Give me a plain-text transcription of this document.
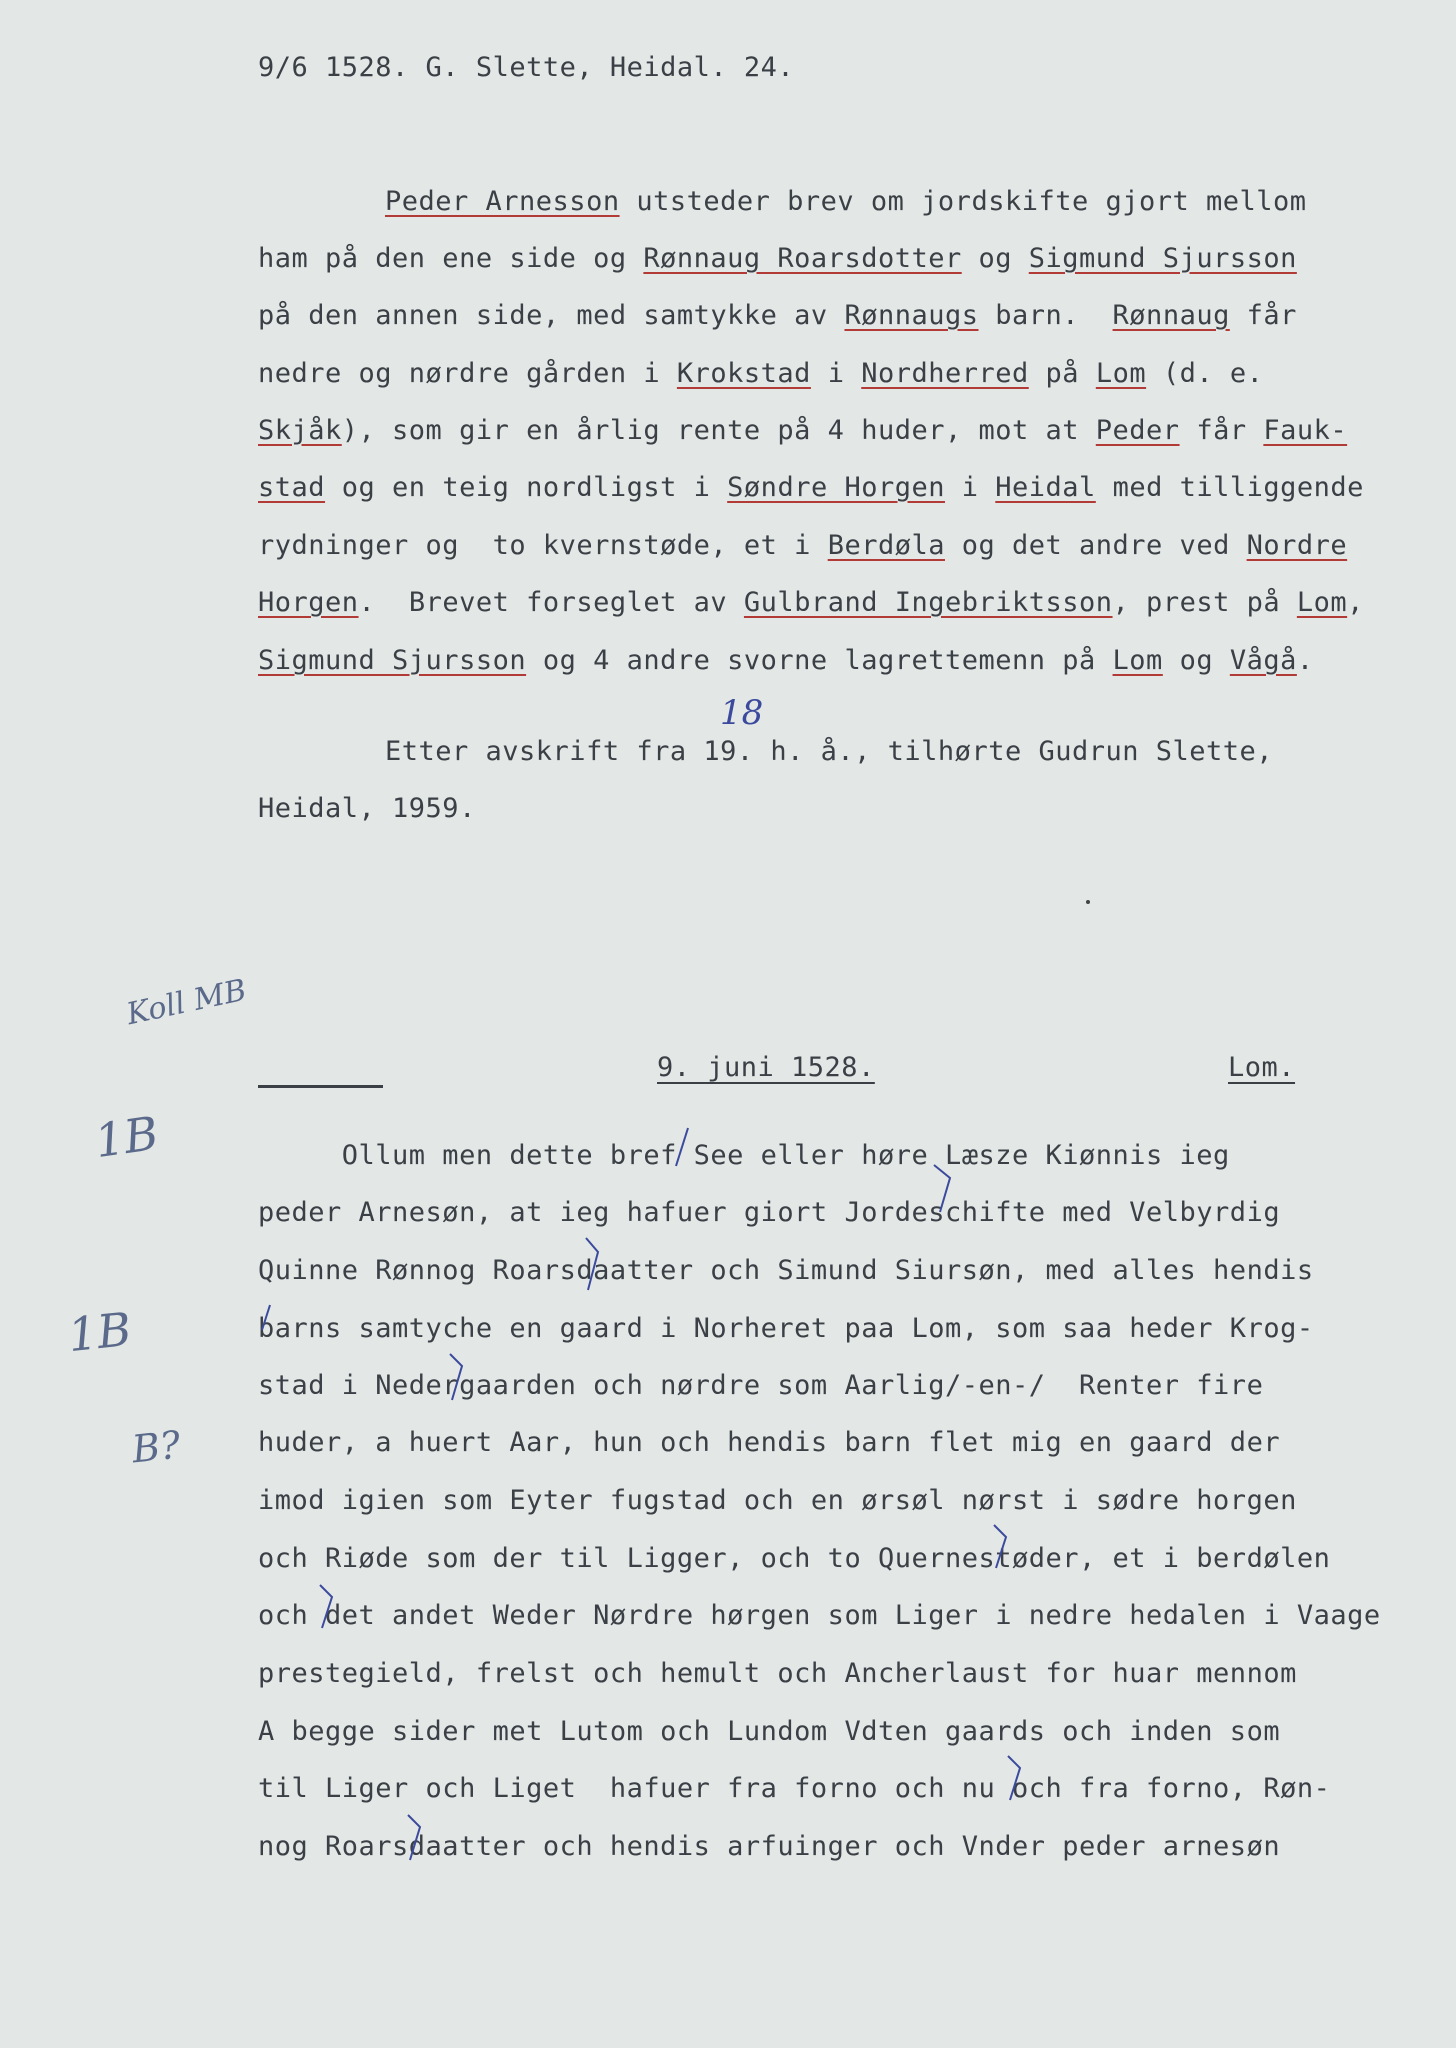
9/6 1528. G. Slette, Heidal. 24.
Peder Arnesson utsteder brev om jordskifte gjort mellom
ham på den ene side og Rønnaug Roarsdotter og Sigmund Sjursson
på den annen side, med samtykke av Rønnaugs barn.  Rønnaug får
nedre og nørdre gården i Krokstad i Nordherred på Lom (d. e.
Skjåk), som gir en årlig rente på 4 huder, mot at Peder får Fauk-
stad og en teig nordligst i Søndre Horgen i Heidal med tilliggende
rydninger og  to kvernstøde, et i Berdøla og det andre ved Nordre
Horgen.  Brevet forseglet av Gulbrand Ingebriktsson, prest på Lom,
Sigmund Sjursson og 4 andre svorne lagrettemenn på Lom og Vågå.
18
Etter avskrift fra 19. h. å., tilhørte Gudrun Slette,
Heidal, 1959.
Koll MB
1B
1B
B?
9. juni 1528.	Lom.
Ollum men dette bref See eller høre Læsze Kiønnis ieg
peder Arnesøn, at ieg hafuer giort Jordeschifte med Velbyrdig
Quinne Rønnog Roarsdaatter och Simund Siursøn, med alles hendis
barns samtyche en gaard i Norheret paa Lom, som saa heder Krog-
stad i Nedergaarden och nørdre som Aarlig/-en-/  Renter fire
huder, a huert Aar, hun och hendis barn flet mig en gaard der
imod igien som Eyter fugstad och en ørsøl nørst i sødre horgen
och Riøde som der til Ligger, och to Quernestøder, et i berdølen
och det andet Weder Nørdre hørgen som Liger i nedre hedalen i Vaage
prestegield, frelst och hemult och Ancherlaust for huar mennom
A begge sider met Lutom och Lundom Vdten gaards och inden som
til Liger och Liget  hafuer fra forno och nu och fra forno, Røn-
nog Roarsdaatter och hendis arfuinger och Vnder peder arnesøn
